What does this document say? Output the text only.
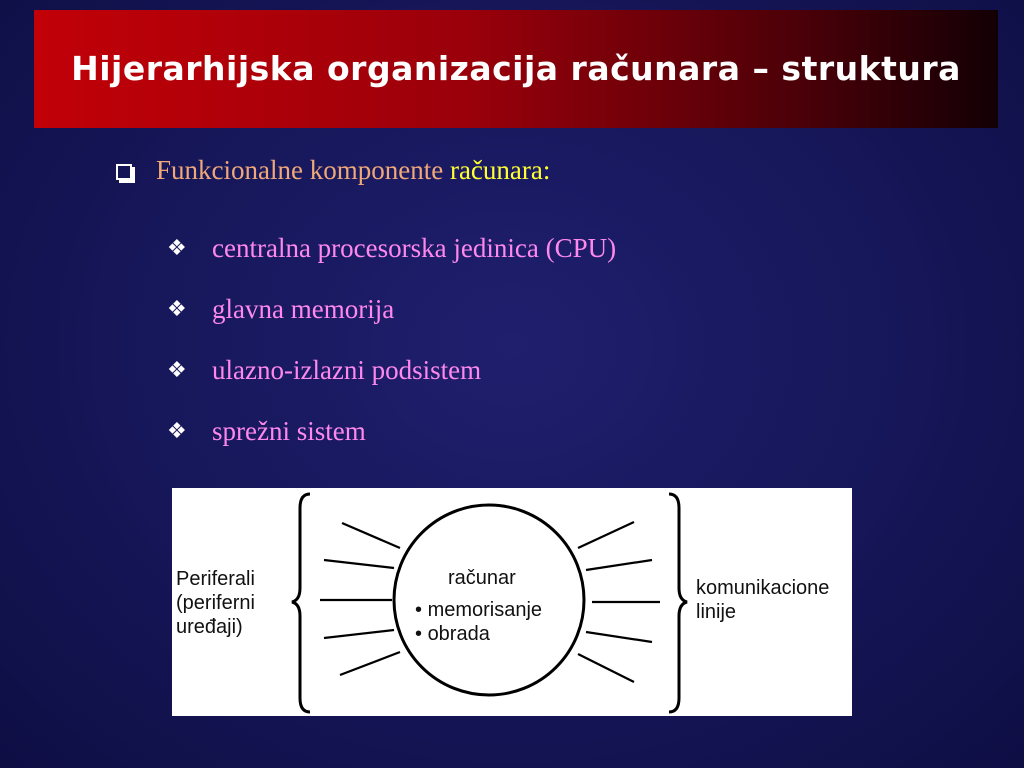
Hijerarhijska organizacija računara – struktura
Funkcionalne komponente
računara:
❖ centralna procesorska jedinica (CPU)
❖ glavna memorija
❖ ulazno-izlazni podsistem
❖ sprežni sistem
Periferali (periferni uređaji)
računar
• memorisanje
• obrada
komunikacione linije
